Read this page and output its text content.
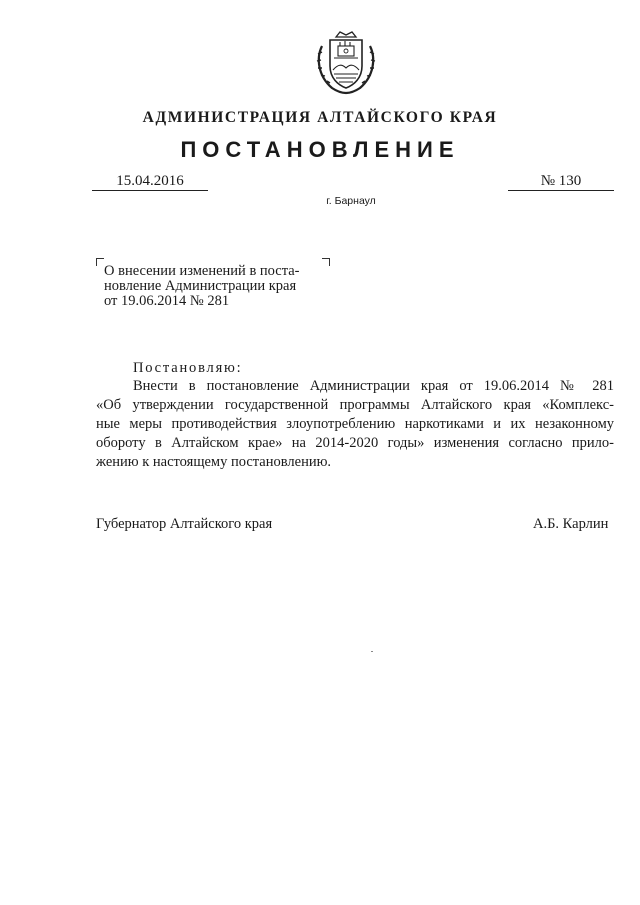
АДМИНИСТРАЦИЯ АЛТАЙСКОГО КРАЯ
ПОСТАНОВЛЕНИЕ
15.04.2016	№ 130
г. Барнаул

О внесении изменений в поста-
новление Администрации края
от 19.06.2014 № 281

Постановляю:
Внести в постановление Администрации края от 19.06.2014 № 281
«Об утверждении государственной программы Алтайского края «Комплекс-
ные меры противодействия злоупотреблению наркотиками и их незаконному
обороту в Алтайском крае» на 2014-2020 годы» изменения согласно прило-
жению к настоящему постановлению.
Губернатор Алтайского края	А.Б. Карлин
